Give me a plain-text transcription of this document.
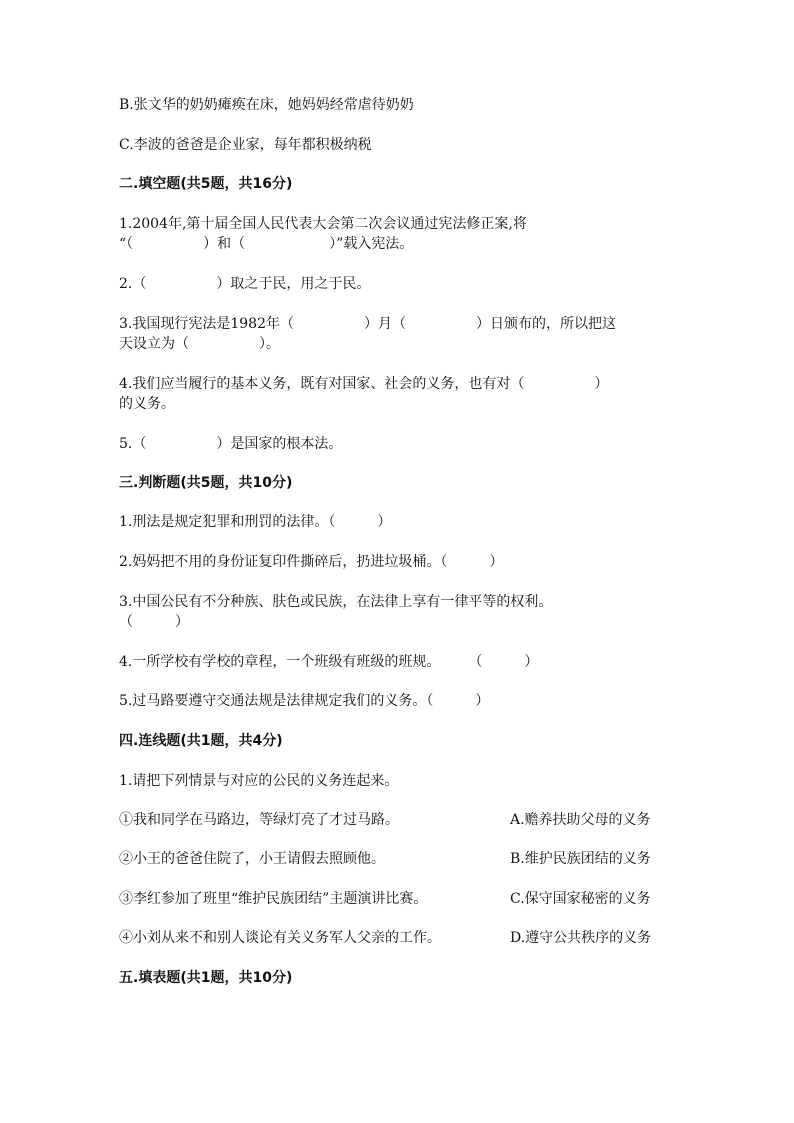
B.张文华的奶奶瘫痪在床，她妈妈经常虐待奶奶

C.李波的爸爸是企业家，每年都积极纳税

二.填空题(共5题，共16分)

1.2004年,第十届全国人民代表大会第二次会议通过宪法修正案,将

“（　　　　　）和（　　　　　　）”载入宪法。

2.（　　　　　）取之于民，用之于民。

3.我国现行宪法是1982年（　　　　　）月（　　　　　）日颁布的，所以把这

天设立为（　　　　　）。

4.我们应当履行的基本义务，既有对国家、社会的义务，也有对（　　　　　）

的义务。

5.（　　　　　）是国家的根本法。

三.判断题(共5题，共10分)

1.刑法是规定犯罪和刑罚的法律。（　　　）

2.妈妈把不用的身份证复印件撕碎后，扔进垃圾桶。（　　　）

3.中国公民有不分种族、肤色或民族，在法律上享有一律平等的权利。

（　　　）

4.一所学校有学校的章程，一个班级有班级的班规。　　　（　　　）

5.过马路要遵守交通法规是法律规定我们的义务。（　　　）

四.连线题(共1题，共4分)

1.请把下列情景与对应的公民的义务连起来。

①我和同学在马路边，等绿灯亮了才过马路。	A.赡养扶助父母的义务
②小王的爸爸住院了，小王请假去照顾他。	B.维护民族团结的义务
③李红参加了班里“维护民族团结”主题演讲比赛。	C.保守国家秘密的义务
④小刘从来不和别人谈论有关义务军人父亲的工作。	D.遵守公共秩序的义务

五.填表题(共1题，共10分)
